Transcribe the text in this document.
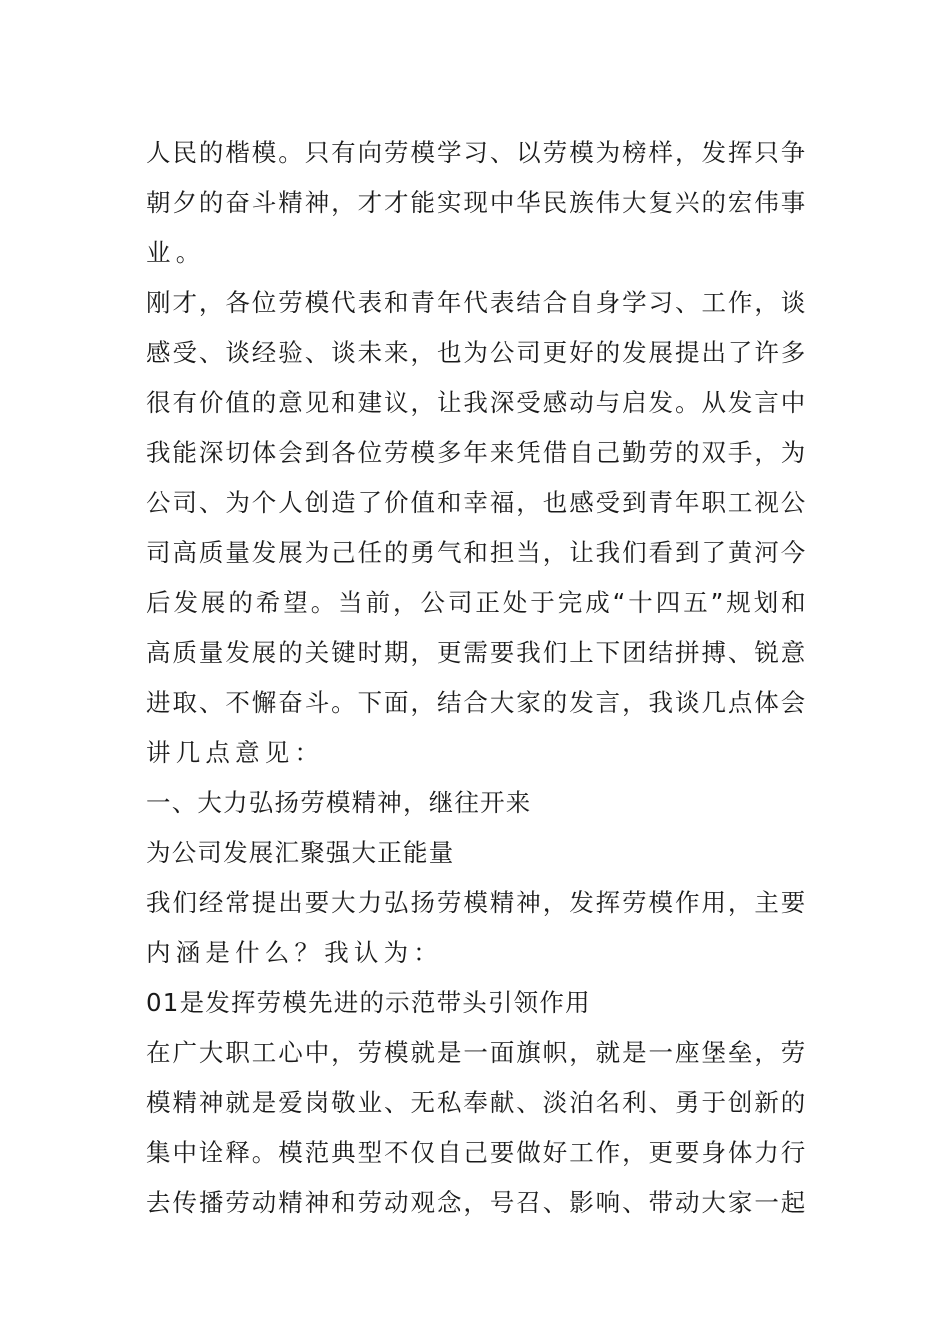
人民的楷模。只有向劳模学习、以劳模为榜样，发挥只争

朝夕的奋斗精神，才才能实现中华民族伟大复兴的宏伟事

业。

刚才，各位劳模代表和青年代表结合自身学习、工作，谈

感受、谈经验、谈未来，也为公司更好的发展提出了许多

很有价值的意见和建议，让我深受感动与启发。从发言中

我能深切体会到各位劳模多年来凭借自己勤劳的双手，为

公司、为个人创造了价值和幸福，也感受到青年职工视公

司高质量发展为己任的勇气和担当，让我们看到了黄河今

后发展的希望。当前，公司正处于完成“十四五”规划和

高质量发展的关键时期，更需要我们上下团结拼搏、锐意

进取、不懈奋斗。下面，结合大家的发言，我谈几点体会

讲几点意见：

一、大力弘扬劳模精神，继往开来

为公司发展汇聚强大正能量

我们经常提出要大力弘扬劳模精神，发挥劳模作用，主要

内涵是什么？我认为：

01是发挥劳模先进的示范带头引领作用

在广大职工心中，劳模就是一面旗帜，就是一座堡垒，劳

模精神就是爱岗敬业、无私奉献、淡泊名利、勇于创新的

集中诠释。模范典型不仅自己要做好工作，更要身体力行

去传播劳动精神和劳动观念，号召、影响、带动大家一起
